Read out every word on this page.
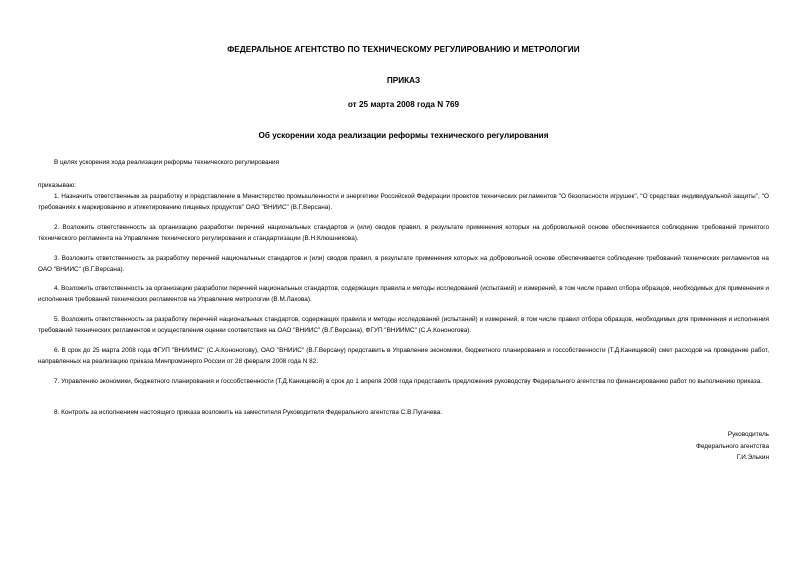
ФЕДЕРАЛЬНОЕ АГЕНТСТВО ПО ТЕХНИЧЕСКОМУ РЕГУЛИРОВАНИЮ И МЕТРОЛОГИИ
ПРИКАЗ
от 25 марта 2008 года N 769
Об ускорении хода реализации реформы технического регулирования
В целях ускорения хода реализации реформы технического регулирования
приказываю:

1. Назначить ответственным за разработку и представление в Министерство промышленности и энергетики Российской Федерации проектов технических регламентов "О безопасности игрушек", "О средствах индивидуальной защиты", "О требованиях к маркированию и этикетированию пищевых продуктов" ОАО "ВНИИС" (В.Г.Версана).

2. Возложить ответственность за организацию разработки перечней национальных стандартов и (или) сводов правил, в результате применения которых на добровольной основе обеспечивается соблюдение требований принятого технического регламента на Управление технического регулирования и стандартизации (В.Н.Клюшникова).

3. Возложить ответственность за разработку перечней национальных стандартов и (или) сводов правил, в результате применения которых на добровольной основе обеспечивается соблюдение требований технических регламентов на ОАО "ВНИИС" (В.Г.Версана).

4. Возложить ответственность за организацию разработки перечней национальных стандартов, содержащих правила и методы исследований (испытаний) и измерений, в том числе правил отбора образцов, необходимых для применения и исполнения требований технических регламентов на Управление метрологии (В.М.Лахова).

5. Возложить ответственность за разработку перечней национальных стандартов, содержащих правила и методы исследований (испытаний) и измерений, в том числе правил отбора образцов, необходимых для применения и исполнения требований технических регламентов и осуществления оценки соответствия на ОАО "ВНИИС" (В.Г.Версана), ФГУП "ВНИИМС" (С.А.Кононогова).

6. В срок до 25 марта 2008 года ФГУП "ВНИИМС" (С.А.Кононогову), ОАО "ВНИИС" (В.Г.Версану) представить в Управление экономики, бюджетного планирования и госсобственности (Т.Д.Канищевой) смет расходов на проведение работ, направленных на реализацию приказа Минпромэнерго России от 28 февраля 2008 года N 82.

7. Управлению экономики, бюджетного планирования и госсобственности (Т.Д.Канищевой) в срок до 1 апреля 2008 года представить предложения руководству Федерального агентства по финансированию работ по выполнению приказа.

8. Контроль за исполнением настоящего приказа возложить на заместителя Руководителя Федерального агентства С.В.Пугачева.

Руководитель
Федерального агентства
Г.И.Элькин
